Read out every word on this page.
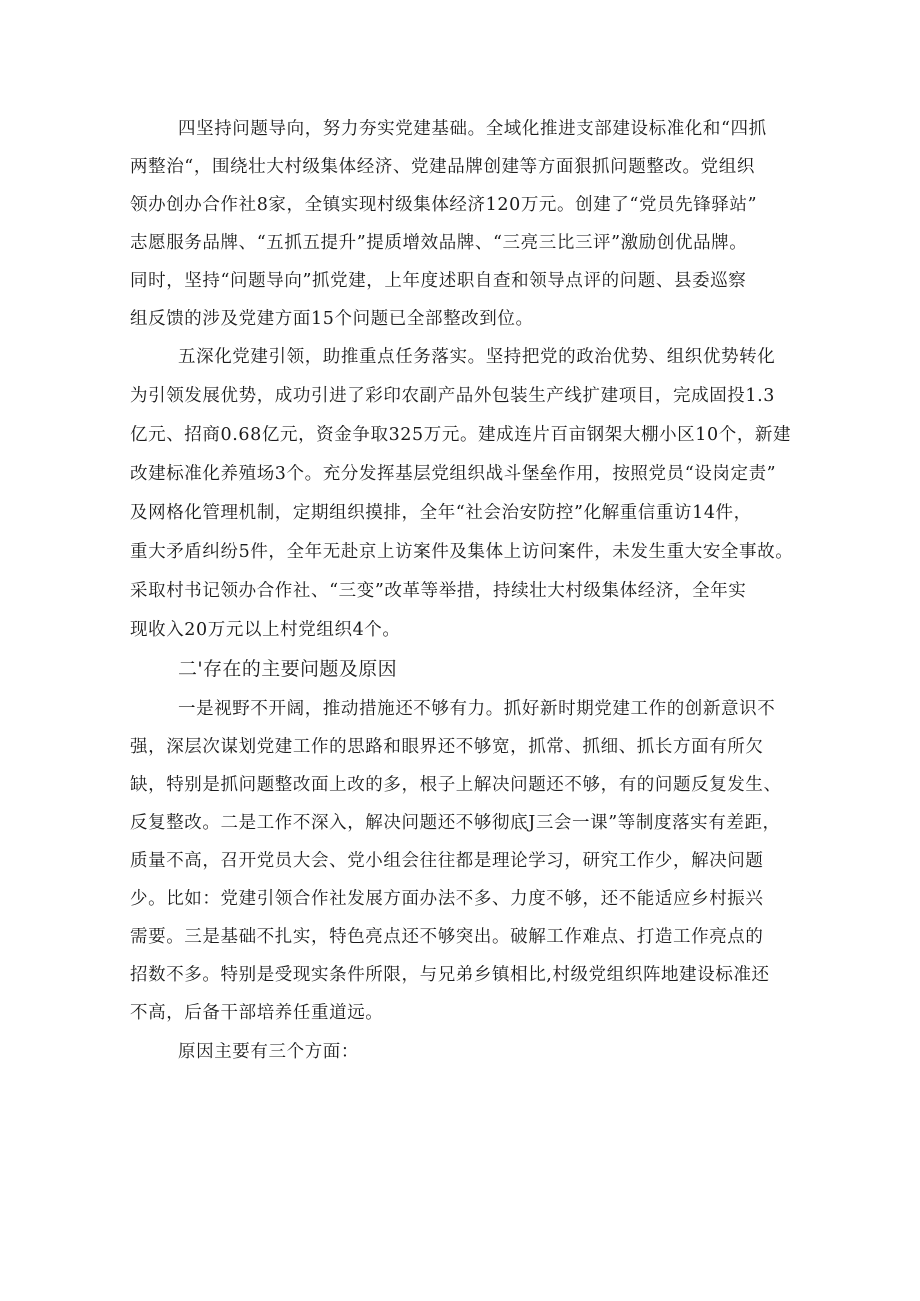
四坚持问题导向，努力夯实党建基础。全域化推进支部建设标准化和“四抓
两整治“，围绕壮大村级集体经济、党建品牌创建等方面狠抓问题整改。党组织
领办创办合作社8家，全镇实现村级集体经济120万元。创建了“党员先锋驿站”
志愿服务品牌、“五抓五提升”提质增效品牌、“三亮三比三评”激励创优品牌。
同时，坚持“问题导向”抓党建，上年度述职自查和领导点评的问题、县委巡察
组反馈的涉及党建方面15个问题已全部整改到位。
五深化党建引领，助推重点任务落实。坚持把党的政治优势、组织优势转化
为引领发展优势，成功引进了彩印农副产品外包装生产线扩建项目，完成固投1.3
亿元、招商0.68亿元，资金争取325万元。建成连片百亩钢架大棚小区10个，新建
改建标准化养殖场3个。充分发挥基层党组织战斗堡垒作用，按照党员“设岗定责”
及网格化管理机制，定期组织摸排，全年“社会治安防控”化解重信重访14件，
重大矛盾纠纷5件，全年无赴京上访案件及集体上访问案件，未发生重大安全事故。
采取村书记领办合作社、“三变”改革等举措，持续壮大村级集体经济，全年实
现收入20万元以上村党组织4个。
二'存在的主要问题及原因
一是视野不开阔，推动措施还不够有力。抓好新时期党建工作的创新意识不
强，深层次谋划党建工作的思路和眼界还不够宽，抓常、抓细、抓长方面有所欠
缺，特别是抓问题整改面上改的多，根子上解决问题还不够，有的问题反复发生、
反复整改。二是工作不深入，解决问题还不够彻底J三会一课”等制度落实有差距，
质量不高，召开党员大会、党小组会往往都是理论学习，研究工作少，解决问题
少。比如：党建引领合作社发展方面办法不多、力度不够，还不能适应乡村振兴
需要。三是基础不扎实，特色亮点还不够突出。破解工作难点、打造工作亮点的
招数不多。特别是受现实条件所限，与兄弟乡镇相比,村级党组织阵地建设标准还
不高，后备干部培养任重道远。
原因主要有三个方面：
